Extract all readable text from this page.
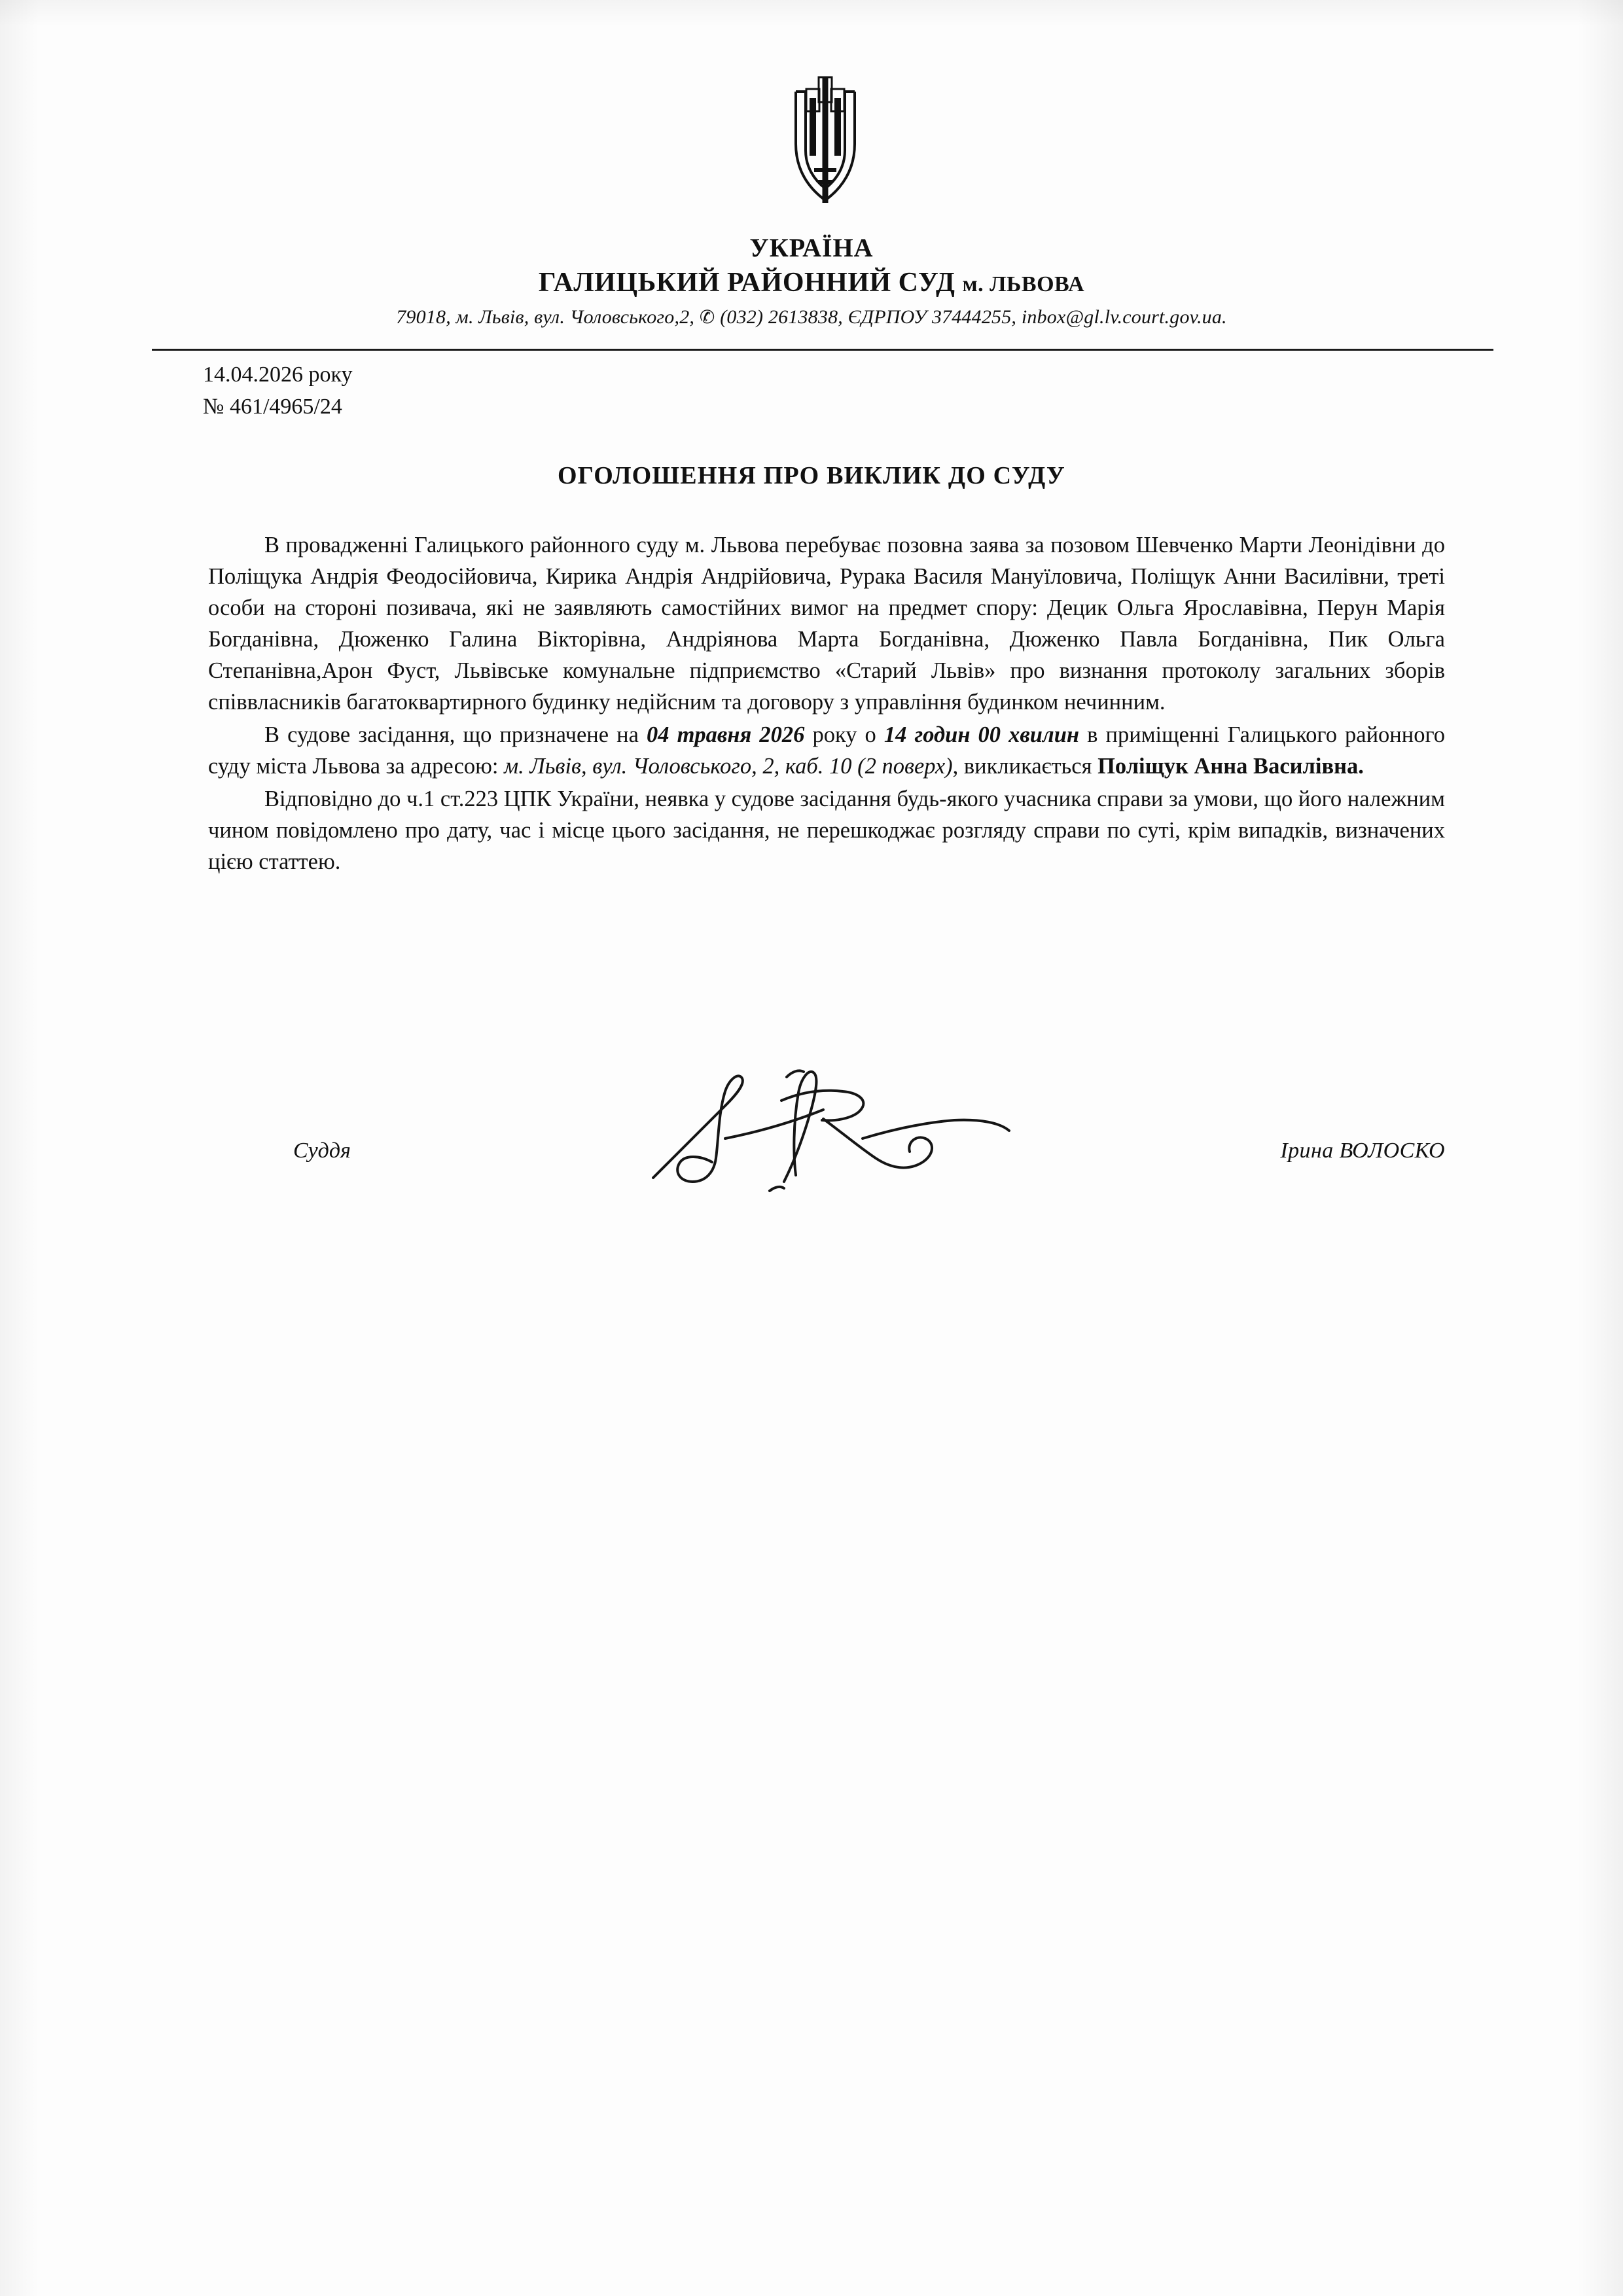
УКРАЇНА
ГАЛИЦЬКИЙ РАЙОННИЙ СУД м. ЛЬВОВА
79018, м. Львів, вул. Чоловського,2, ✆ (032) 2613838, ЄДРПОУ 37444255, inbox@gl.lv.court.gov.ua.
14.04.2026 року
№ 461/4965/24
ОГОЛОШЕННЯ ПРО ВИКЛИК ДО СУДУ

В провадженні Галицького районного суду м. Львова перебуває позовна заява за позовом Шевченко Марти Леонідівни до Поліщука Андрія Феодосійовича, Кирика Андрія Андрійовича, Рурака Василя Мануїловича, Поліщук Анни Василівни, треті особи на стороні позивача, які не заявляють самостійних вимог на предмет спору: Децик Ольга Ярославівна, Перун Марія Богданівна, Дюженко Галина Вікторівна, Андріянова Марта Богданівна, Дюженко Павла Богданівна, Пик Ольга Степанівна,Арон Фуст, Львівське комунальне підприємство «Старий Львів» про визнання протоколу загальних зборів співвласників багатоквартирного будинку недійсним та договору з управління будинком нечинним.

В судове засідання, що призначене на 04 травня 2026 року о 14 годин 00 хвилин в приміщенні Галицького районного суду міста Львова за адресою: м. Львів, вул. Чоловського, 2, каб. 10 (2 поверх), викликається Поліщук Анна Василівна.

Відповідно до ч.1 ст.223 ЦПК України, неявка у судове засідання будь-якого учасника справи за умови, що його належним чином повідомлено про дату, час і місце цього засідання, не перешкоджає розгляду справи по суті, крім випадків, визначених цією статтею.

Суддя	Ірина ВОЛОСКО
